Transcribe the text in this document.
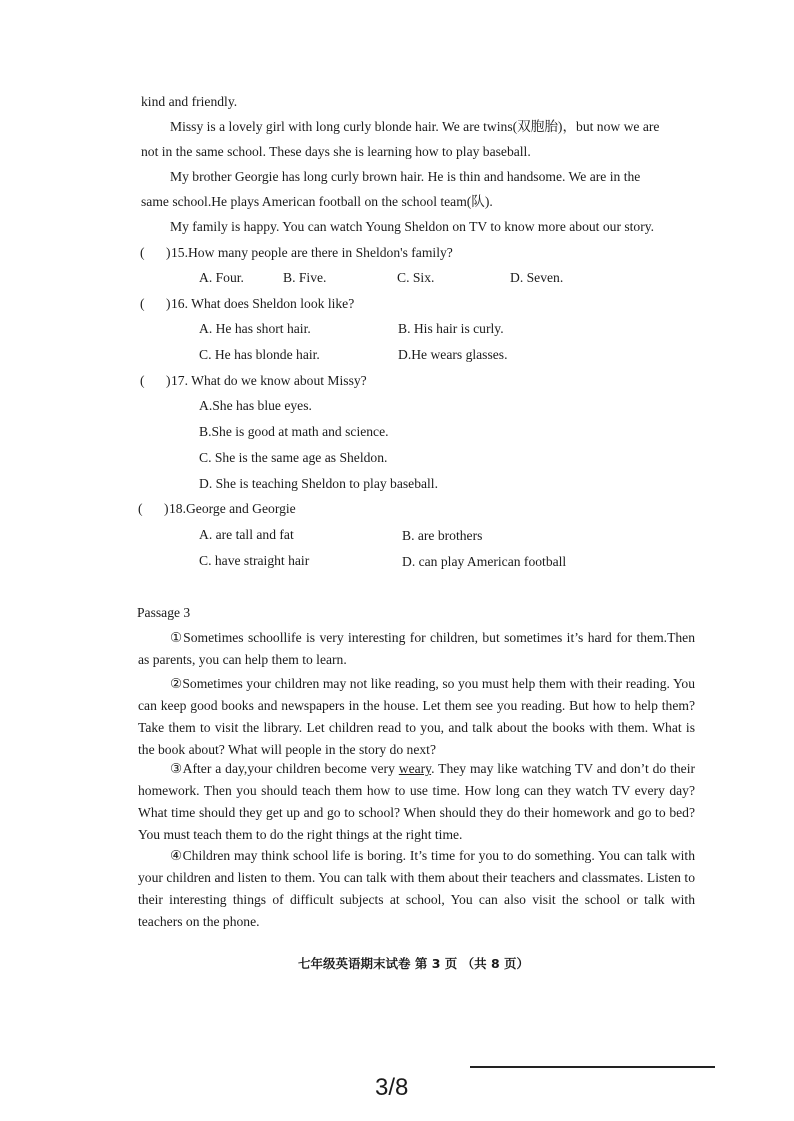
kind and friendly.
Missy is a lovely girl with long curly blonde hair. We are twins(双胞胎)，but now we are
not in the same school. These days she is learning how to play baseball.
My brother Georgie has long curly brown hair. He is thin and handsome. We are in the
same school.He plays American football on the school team(队).
My family is happy. You can watch Young Sheldon on TV to know more about our story.
( ) 15.How many people are there in Sheldon's family?
A. Four.	B. Five.	C. Six.	D. Seven.
( ) 16. What does Sheldon look like?
A. He has short hair.	B. His hair is curly.
C. He has blonde hair.	D.He wears glasses.
( ) 17. What do we know about Missy?
A.She has blue eyes.
B.She is good at math and science.
C. She is the same age as Sheldon.
D. She is teaching Sheldon to play baseball.
( ) 18.George and Georgie
A. are tall and fat	B. are brothers
C. have straight hair	D. can play American football
Passage 3
①Sometimes schoollife is very interesting for children, but sometimes it’s hard for them.Then as parents, you can help them to learn.
②Sometimes your children may not like reading, so you must help them with their reading. You can keep good books and newspapers in the house. Let them see you reading. But how to help them? Take them to visit the library. Let children read to you, and talk about the books with them. What is the book about? What will people in the story do next?
③After a day,your children become very weary. They may like watching TV and don’t do their homework. Then you should teach them how to use time. How long can they watch TV every day? What time should they get up and go to school? When should they do their homework and go to bed? You must teach them to do the right things at the right time.
④Children may think school life is boring. It’s time for you to do something. You can talk with your children and listen to them. You can talk with them about their teachers and classmates. Listen to their interesting things of difficult subjects at school, You can also visit the school or talk with teachers on the phone.
七年级英语期末试卷 第 3 页 （共 8 页）
3/8
